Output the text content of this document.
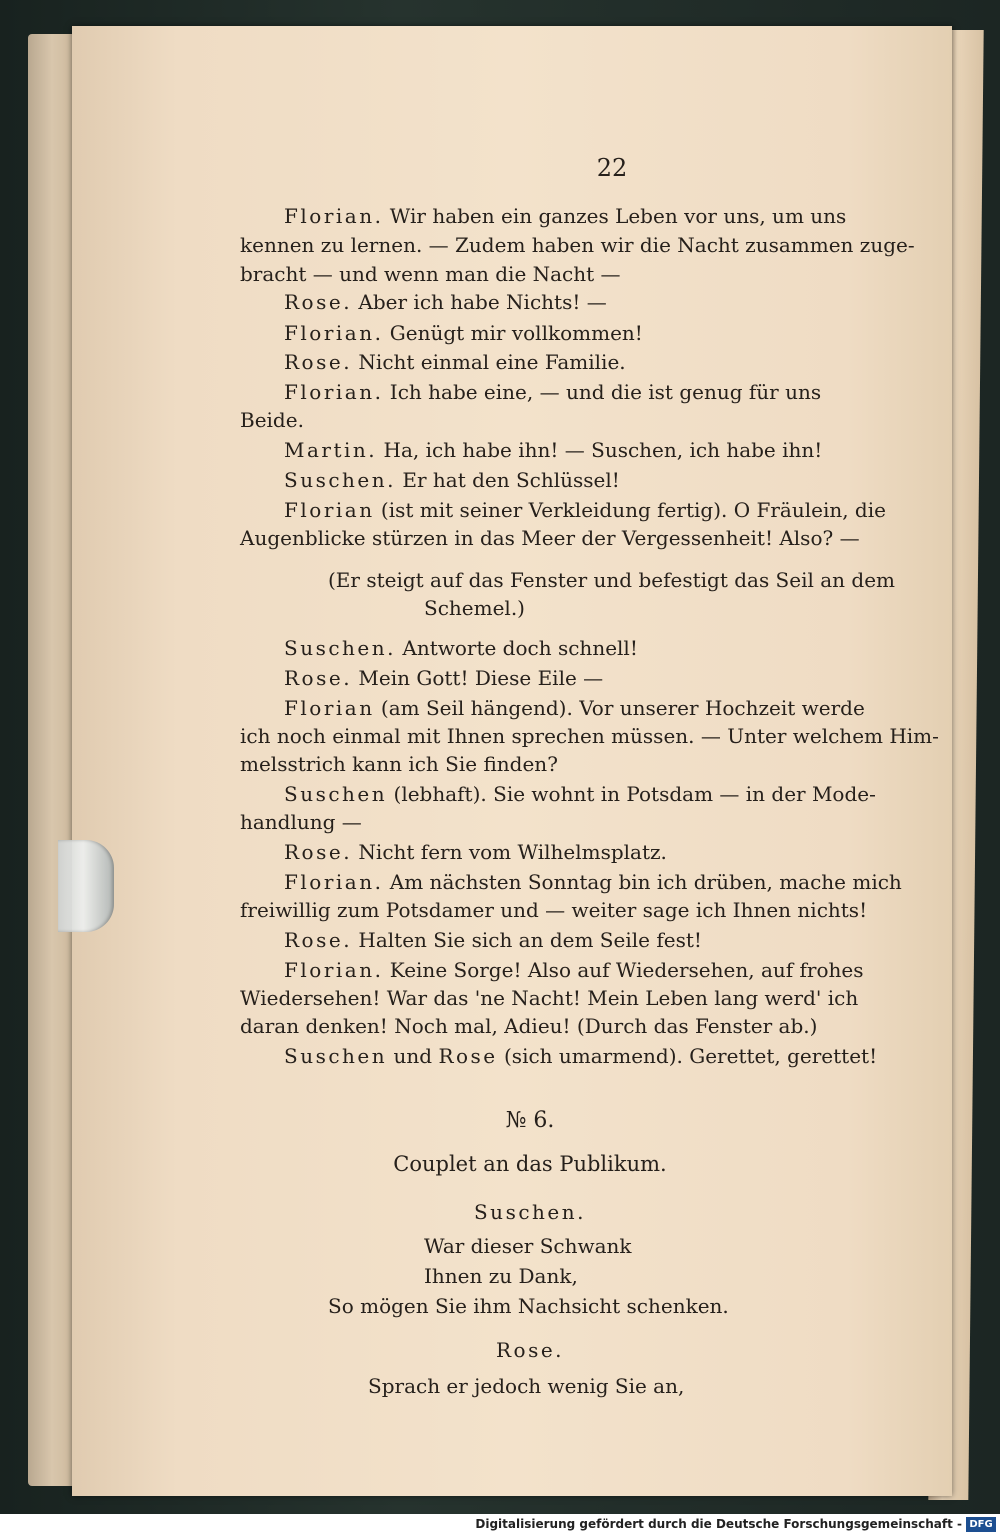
22
Florian. Wir haben ein ganzes Leben vor uns, um uns
kennen zu lernen. — Zudem haben wir die Nacht zusammen zuge-
bracht — und wenn man die Nacht —
Rose. Aber ich habe Nichts! —
Florian. Genügt mir vollkommen!
Rose. Nicht einmal eine Familie.
Florian. Ich habe eine, — und die ist genug für uns
Beide.
Martin. Ha, ich habe ihn! — Suschen, ich habe ihn!
Suschen. Er hat den Schlüssel!
Florian (ist mit seiner Verkleidung fertig). O Fräulein, die
Augenblicke stürzen in das Meer der Vergessenheit! Also? —
(Er steigt auf das Fenster und befestigt das Seil an dem
Schemel.)
Suschen. Antworte doch schnell!
Rose. Mein Gott! Diese Eile —
Florian (am Seil hängend). Vor unserer Hochzeit werde
ich noch einmal mit Ihnen sprechen müssen. — Unter welchem Him-
melsstrich kann ich Sie finden?
Suschen (lebhaft). Sie wohnt in Potsdam — in der Mode-
handlung —
Rose. Nicht fern vom Wilhelmsplatz.
Florian. Am nächsten Sonntag bin ich drüben, mache mich
freiwillig zum Potsdamer und — weiter sage ich Ihnen nichts!
Rose. Halten Sie sich an dem Seile fest!
Florian. Keine Sorge! Also auf Wiedersehen, auf frohes
Wiedersehen! War das 'ne Nacht! Mein Leben lang werd' ich
daran denken! Noch mal, Adieu! (Durch das Fenster ab.)
Suschen und Rose (sich umarmend). Gerettet, gerettet!
№ 6.
Couplet an das Publikum.
Suschen.
War dieser Schwank
Ihnen zu Dank,
So mögen Sie ihm Nachsicht schenken.
Rose.
Sprach er jedoch wenig Sie an,
Digitalisierung gefördert durch die Deutsche Forschungsgemeinschaft - DFG
